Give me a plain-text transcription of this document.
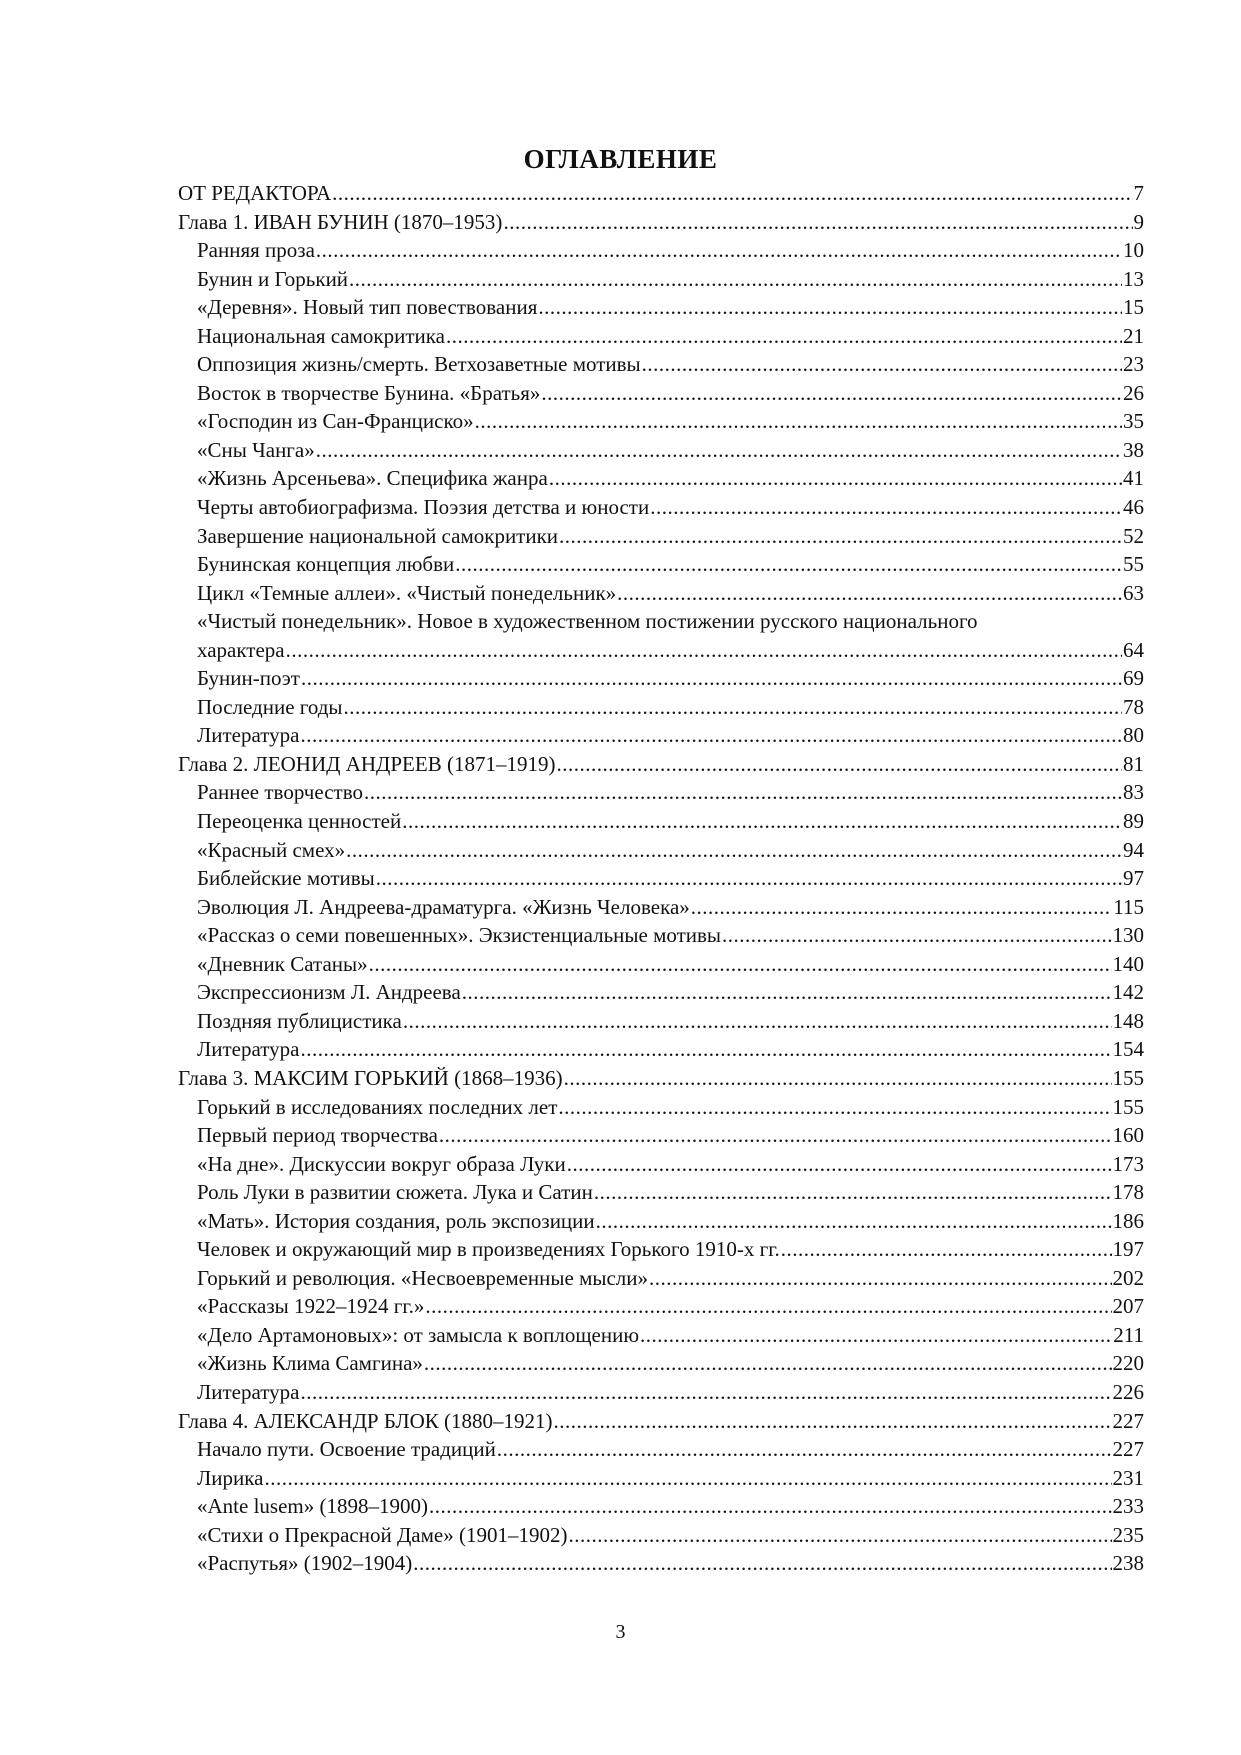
ОГЛАВЛЕНИЕ
ОТ РЕДАКТОРА .....	7
Глава 1. ИВАН БУНИН (1870–1953) .....	9
Ранняя проза .....	10
Бунин и Горький .....	13
«Деревня». Новый тип повествования .....	15
Национальная самокритика .....	21
Оппозиция жизнь/смерть. Ветхозаветные мотивы .....	23
Восток в творчестве Бунина. «Братья» .....	26
«Господин из Сан-Франциско» .....	35
«Сны Чанга» .....	38
«Жизнь Арсеньева». Специфика жанра .....	41
Черты автобиографизма. Поэзия детства и юности .....	46
Завершение национальной самокритики .....	52
Бунинская концепция любви .....	55
Цикл «Темные аллеи». «Чистый понедельник» .....	63
«Чистый понедельник». Новое в художественном постижении русского национального
характера .....	64
Бунин-поэт .....	69
Последние годы .....	78
Литература .....	80
Глава 2. ЛЕОНИД АНДРЕЕВ (1871–1919) .....	81
Раннее творчество .....	83
Переоценка ценностей .....	89
«Красный смех» .....	94
Библейские мотивы .....	97
Эволюция Л. Андреева-драматурга. «Жизнь Человека» .....	115
«Рассказ о семи повешенных». Экзистенциальные мотивы .....	130
«Дневник Сатаны» .....	140
Экспрессионизм Л. Андреева .....	142
Поздняя публицистика .....	148
Литература .....	154
Глава 3. МАКСИМ ГОРЬКИЙ (1868–1936) .....	155
Горький в исследованиях последних лет .....	155
Первый период творчества .....	160
«На дне». Дискуссии вокруг образа Луки .....	173
Роль Луки в развитии сюжета. Лука и Сатин .....	178
«Мать». История создания, роль экспозиции .....	186
Человек и окружающий мир в произведениях Горького 1910-х гг. .....	197
Горький и революция. «Несвоевременные мысли» .....	202
«Рассказы 1922–1924 гг.» .....	207
«Дело Артамоновых»: от замысла к воплощению .....	211
«Жизнь Клима Самгина» .....	220
Литература .....	226
Глава 4. АЛЕКСАНДР БЛОК (1880–1921) .....	227
Начало пути. Освоение традиций .....	227
Лирика .....	231
«Ante lusem» (1898–1900) .....	233
«Стихи о Прекрасной Даме» (1901–1902) .....	235
«Распутья» (1902–1904) .....	238
3
